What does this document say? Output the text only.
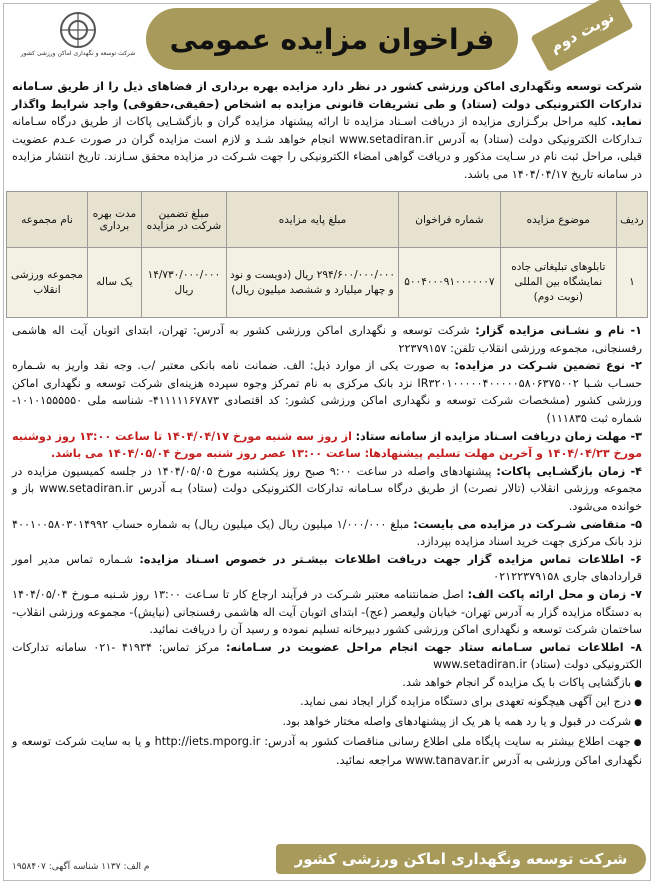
نوبت دوم
فراخوان مزایده عمومی
شرکت توسعه و نگهداری اماکن ورزشی کشور
شرکت توسعه ونگهداری اماکن ورزشی کشور در نظر دارد مزایده بهره برداری از فضاهای ذیل را از طریق سـامانه تدارکات الکترونیکی دولت (ستاد) و طی تشریفات قانونی مزایده به اشخاص (حقیقی،حقوقی) واجد شرایط واگذار نماید. کلیه مراحل برگـزاری مزایده از دریافت اسـناد مزایده تا ارائه پیشنهاد مزایده گران و بازگشـایی پاکات از طریق درگاه سـامانه تـدارکات الکترونیکی دولت (ستاد) به آدرس www.setadiran.ir انجام خواهد شـد و لازم است مزایده گران در صورت عـدم عضویت قبلی، مراحل ثبت نام در سـایت مذکور و دریافت گواهی امضاء الکترونیکی را جهت شـرکت در مزایده محقق سـازند. تاریخ انتشار مزایده در سامانه تاریخ ۱۴۰۴/۰۴/۱۷ می باشد.
ردیف	موضوع مزایده	شماره فراخوان	مبلغ پایه مزایده	مبلغ تضمین شرکت در مزایده	مدت بهره برداری	نام مجموعه
۱	تابلوهای تبلیغاتی جاده نمایشگاه بین المللی (نوبت دوم)	۵۰۰۴۰۰۰۹۱۰۰۰۰۰۰۷	۲۹۴/۶۰۰/۰۰۰/۰۰۰ ریال (دویست و نود و چهار میلیارد و ششصد میلیون ریال)	۱۴/۷۳۰/۰۰۰/۰۰۰ ریال	یک ساله	مجموعه ورزشی انقلاب

۱- نام و نشـانی مزایده گزار: شرکت توسعه و نگهداری اماکن ورزشی کشور به آدرس: تهران، ابتدای اتوبان آیت اله هاشمی رفسنجانی، مجموعه ورزشی انقلاب تلفن: ۲۲۳۷۹۱۵۷

۲- نوع تضمین شـرکت در مزایده: به صورت یکی از موارد ذیل: الف. ضمانت نامه بانکی معتبر /ب. وجه نقد واریز به شـماره حسـاب شـبا IR۳۲۰۱۰۰۰۰۰۴۰۰۰۰۰۵۸۰۶۳۷۵۰۰۲ نزد بانک مرکزی به نام تمرکز وجوه سپرده هزینه‌ای شرکت توسعه و نگهداری اماکن ورزشی کشور (مشخصات شرکت توسعه و نگهداری اماکن ورزشی کشور: کد اقتصادی ۴۱۱۱۱۱۶۷۸۷۳- شناسه ملی ۱۰۱۰۱۵۵۵۵۵۰- شماره ثبت ۱۱۱۸۳۵)

۳- مهلت زمان دریافت اسـناد مزایده از سامانه ستاد: از روز سه شنبه مورخ ۱۴۰۴/۰۴/۱۷ تا ساعت ۱۳:۰۰ روز دوشنبه مورخ ۱۴۰۴/۰۴/۲۳ و آخرین مهلت تسلیم پیشنهادها: ساعت ۱۳:۰۰ عصر روز شنبه مورخ ۱۴۰۴/۰۵/۰۴ می باشد.

۴- زمان بازگشـایی پاکات: پیشنهادهای واصله در ساعت ۹:۰۰ صبح روز یکشنبه مورخ ۱۴۰۴/۰۵/۰۵ در جلسه کمیسیون مزایده در مجموعه ورزشی انقلاب (تالار نصرت) از طریق درگاه سـامانه تدارکات الکترونیکی دولت (ستاد) بـه آدرس www.setadiran.ir باز و خوانده می‌شود.

۵- متقاضی شـرکت در مزایده می بایست: مبلغ ۱/۰۰۰/۰۰۰ میلیون ریال (یک میلیون ریال) به شماره حساب ۴۰۰۱۰۰۵۸۰۳۰۱۴۹۹۲ نزد بانک مرکزی جهت خرید اسناد مزایده بپردازد.

۶- اطلاعات تماس مزایده گزار جهت دریافت اطلاعات بیشـتر در خصوص اسـناد مزایده: شـماره تماس مدیر امور قراردادهای جاری ۰۲۱۲۲۳۷۹۱۵۸

۷- زمان و محل ارائه پاکت الف: اصل ضمانتنامه معتبر شـرکت در فرآیند ارجاع کار تا سـاعت ۱۳:۰۰ روز شـنبه مـورخ ۱۴۰۴/۰۵/۰۴ به دستگاه مزایده گزار به آدرس تهران- خیابان ولیعصر (عج)- ابتدای اتوبان آیت اله هاشمی رفسنجانی (نیایش)- مجموعه ورزشی انقلاب- ساختمان شرکت توسعه و نگهداری اماکن ورزشی کشور دبیرخانه تسلیم نموده و رسید آن را دریافت نمائید.

۸- اطلاعات تماس سـامانه ستاد جهت انجام مراحل عضویت در سـامانه: مرکز تماس: ۴۱۹۳۴ -۰۲۱ سامانه تدارکات الکترونیکی دولت (ستاد) www.setadiran.ir

● بازگشایی پاکات با یک مزایده گر انجام خواهد شد.
● درج این آگهی هیچگونه تعهدی برای دستگاه مزایده گزار ایجاد نمی نماید.
● شرکت در قبول و یا رد همه یا هر یک از پیشنهادهای واصله مختار خواهد بود.
● جهت اطلاع بیشتر به سایت پایگاه ملی اطلاع رسانی مناقصات کشور به آدرس: http://iets.mporg.ir و یا به سایت شرکت توسعه و نگهداری اماکن ورزشی به آدرس www.tanavar.ir مراجعه نمائید.
شرکت توسعه ونگهداری اماکن ورزشی کشور
م الف: ۱۱۳۷ شناسه آگهی: ۱۹۵۸۴۰۷
